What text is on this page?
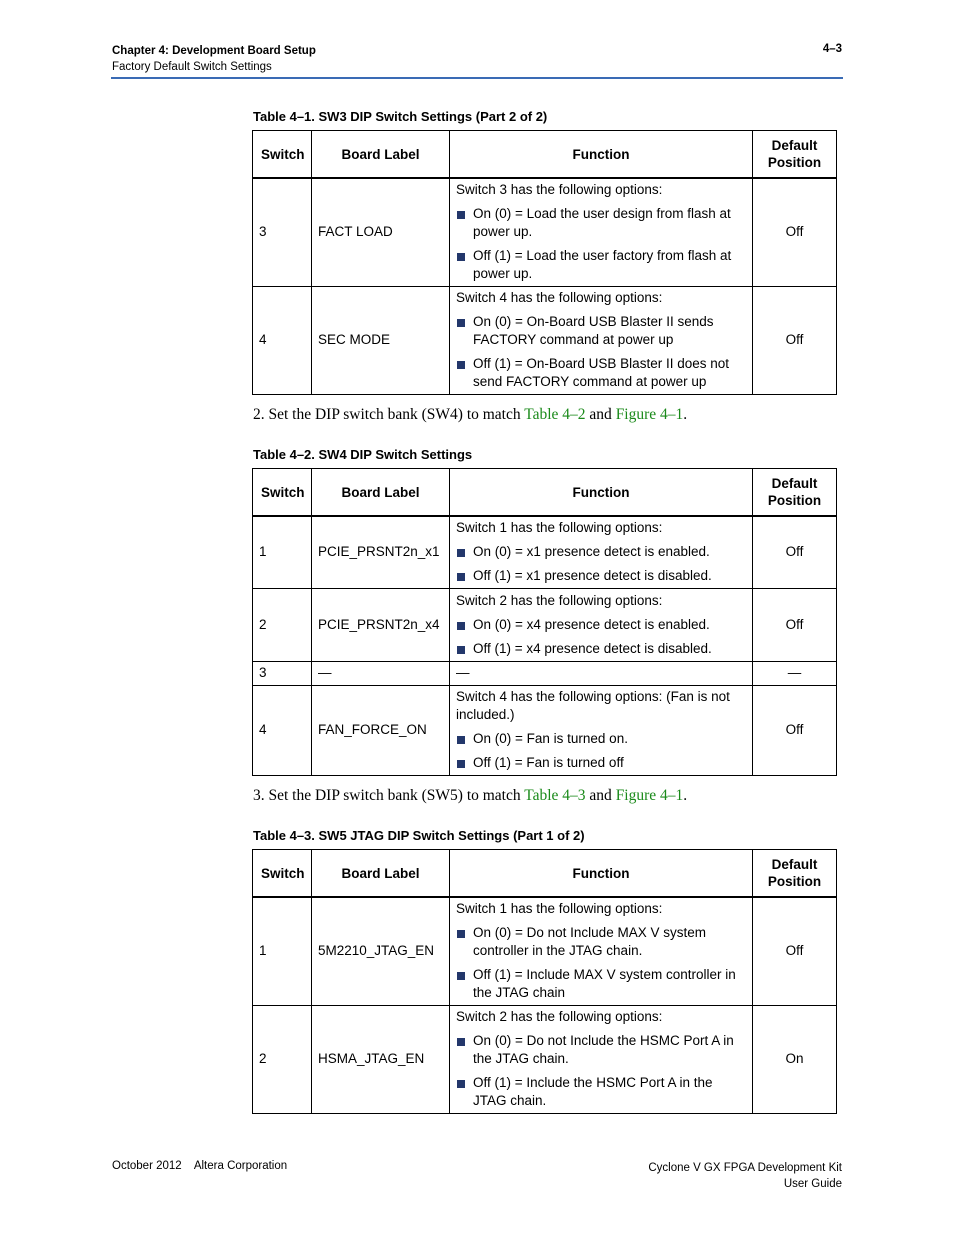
Chapter 4: Development Board Setup
Factory Default Switch Settings
4–3
Table 4–1. SW3 DIP Switch Settings (Part 2 of 2)
Switch	Board Label	Function	Default Position
3	FACT LOAD	Switch 3 has the following options:
On (0) = Load the user design from flash at power up.
Off (1) = Load the user factory from flash at power up.	Off
4	SEC MODE	Switch 4 has the following options:
On (0) = On-Board USB Blaster II sends FACTORY command at power up
Off (1) = On-Board USB Blaster II does not send FACTORY command at power up	Off
2. Set the DIP switch bank (SW4) to match Table 4–2 and Figure 4–1.
Table 4–2. SW4 DIP Switch Settings
Switch	Board Label	Function	Default Position
1	PCIE_PRSNT2n_x1	Switch 1 has the following options:
On (0) = x1 presence detect is enabled.
Off (1) = x1 presence detect is disabled.	Off
2	PCIE_PRSNT2n_x4	Switch 2 has the following options:
On (0) = x4 presence detect is enabled.
Off (1) = x4 presence detect is disabled.	Off
3	—	—	—
4	FAN_FORCE_ON	Switch 4 has the following options: (Fan is not included.)
On (0) = Fan is turned on.
Off (1) = Fan is turned off	Off
3. Set the DIP switch bank (SW5) to match Table 4–3 and Figure 4–1.
Table 4–3. SW5 JTAG DIP Switch Settings (Part 1 of 2)
Switch	Board Label	Function	Default Position
1	5M2210_JTAG_EN	Switch 1 has the following options:
On (0) = Do not Include MAX V system controller in the JTAG chain.
Off (1) = Include MAX V system controller in the JTAG chain	Off
2	HSMA_JTAG_EN	Switch 2 has the following options:
On (0) = Do not Include the HSMC Port A in the JTAG chain.
Off (1) = Include the HSMC Port A in the JTAG chain.	On
October 2012    Altera Corporation	Cyclone V GX FPGA Development Kit
User Guide
